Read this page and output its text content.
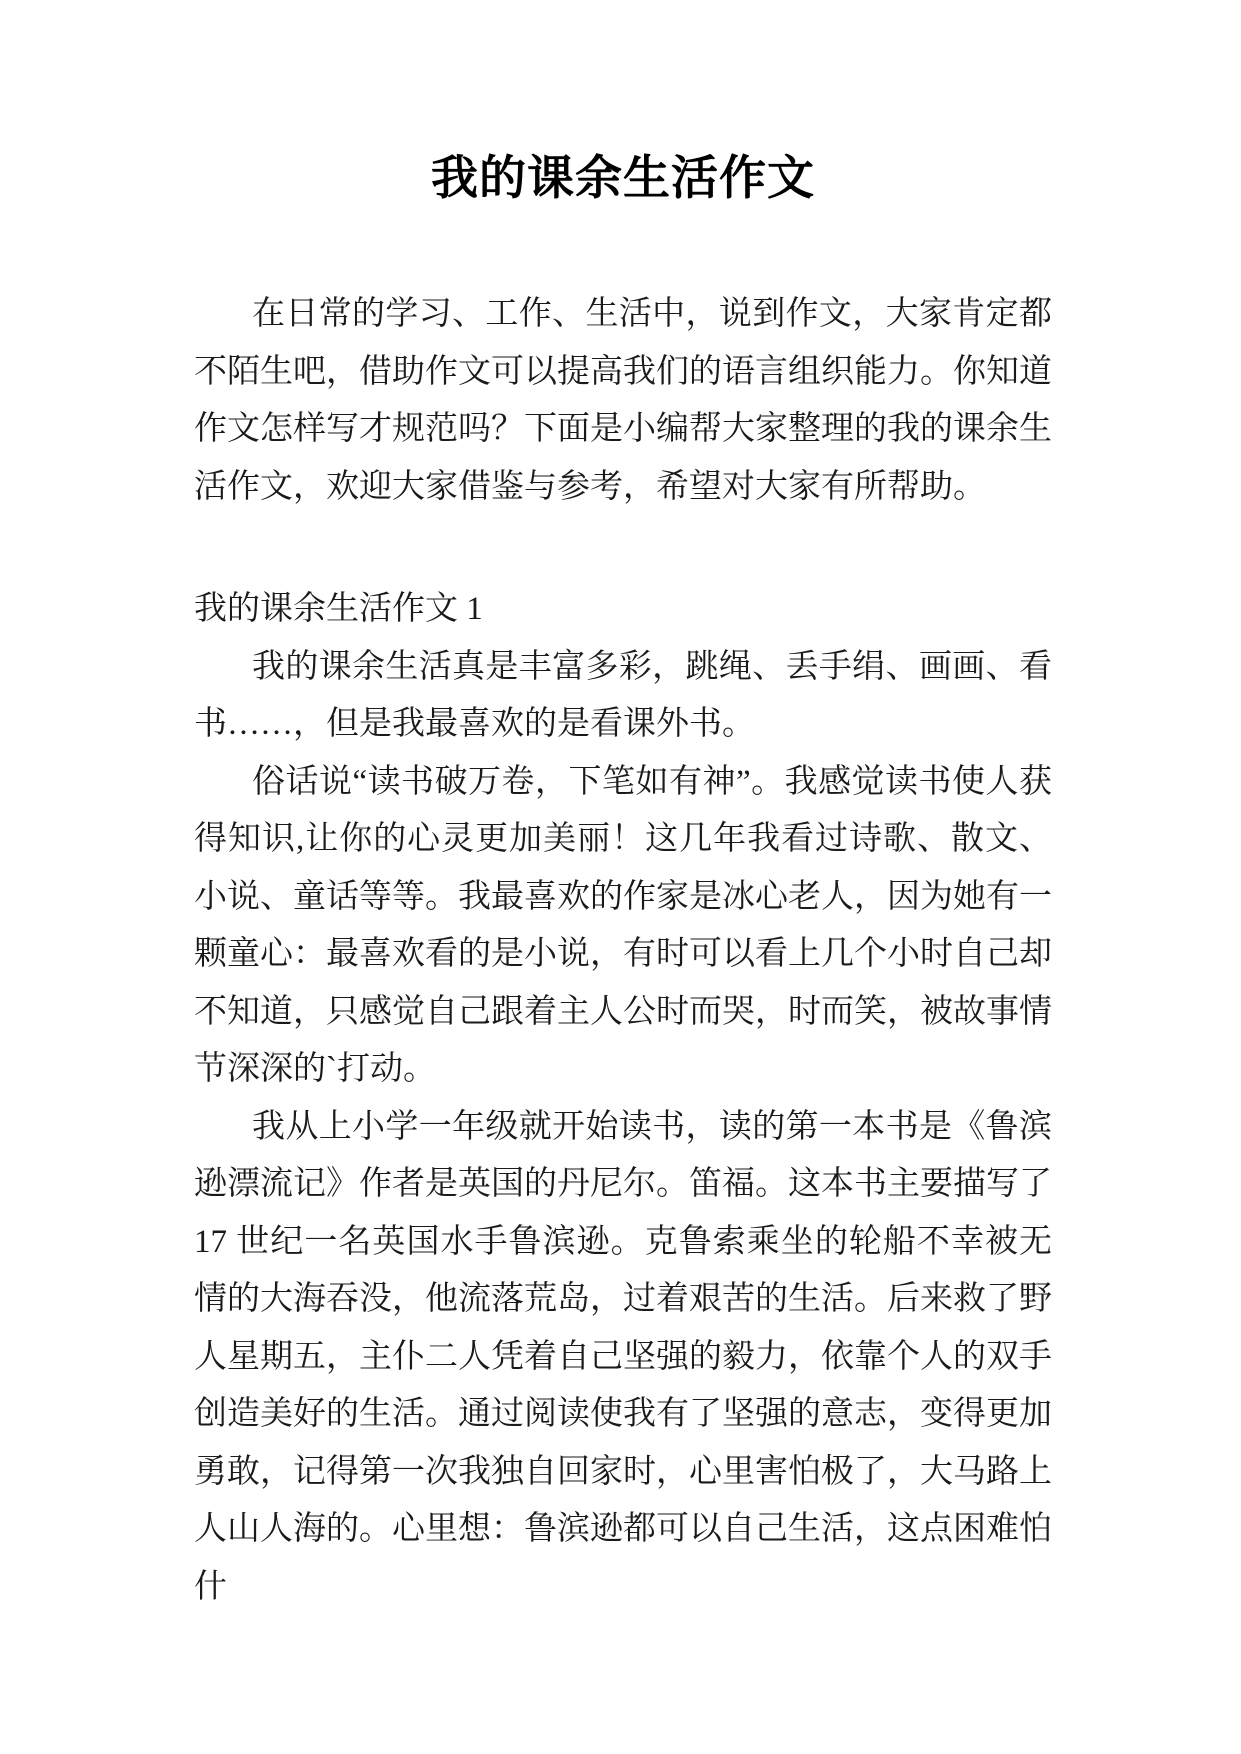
我的课余生活作文

在日常的学习、工作、生活中，说到作文，大家肯定都不陌生吧，借助作文可以提高我们的语言组织能力。你知道作文怎样写才规范吗？下面是小编帮大家整理的我的课余生活作文，欢迎大家借鉴与参考，希望对大家有所帮助。

我的课余生活作文 1

我的课余生活真是丰富多彩，跳绳、丢手绢、画画、看书……，但是我最喜欢的是看课外书。

俗话说“读书破万卷，下笔如有神”。我感觉读书使人获得知识,让你的心灵更加美丽！这几年我看过诗歌、散文、小说、童话等等。我最喜欢的作家是冰心老人，因为她有一颗童心：最喜欢看的是小说，有时可以看上几个小时自己却不知道，只感觉自己跟着主人公时而哭，时而笑，被故事情节深深的`打动。

我从上小学一年级就开始读书，读的第一本书是《鲁滨逊漂流记》作者是英国的丹尼尔。笛福。这本书主要描写了 17 世纪一名英国水手鲁滨逊。克鲁索乘坐的轮船不幸被无情的大海吞没，他流落荒岛，过着艰苦的生活。后来救了野人星期五，主仆二人凭着自己坚强的毅力，依靠个人的双手创造美好的生活。通过阅读使我有了坚强的意志，变得更加勇敢，记得第一次我独自回家时，心里害怕极了，大马路上人山人海的。心里想：鲁滨逊都可以自己生活，这点困难怕什
